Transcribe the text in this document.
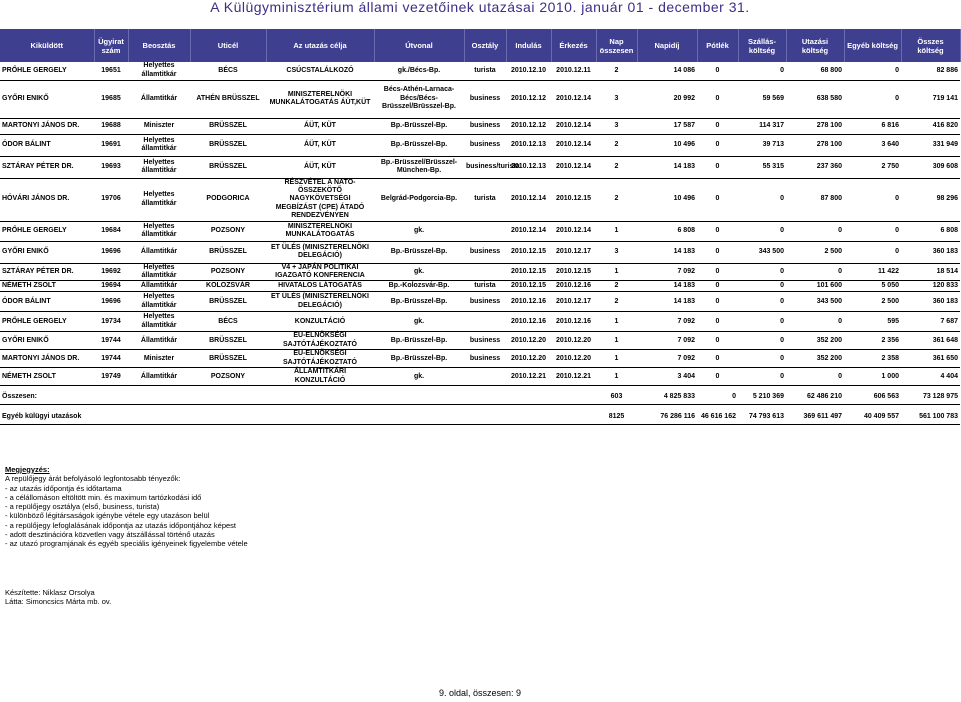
A Külügyminisztérium állami vezetőinek utazásai 2010. január 01 - december 31.
Kiküldött	Ügyirat szám	Beosztás	Uticél	Az utazás célja	Útvonal	Osztály	Indulás	Érkezés	Nap összesen	Napidíj	Pótlék	Szállás-költség	Utazási költség	Egyéb költség	Összes költség
PRŐHLE GERGELY	19651	Helyettes államtitkár	BÉCS	CSÚCSTALÁLKOZÓ	gk./Bécs-Bp.	turista	2010.12.10	2010.12.11	2	14 086	0	0	68 800	0	82 886
GYŐRI ENIKŐ	19685	Államtitkár	ATHÉN BRÜSSZEL	MINISZTERELNÖKI MUNKALÁTOGATÁS ÁÜT,KÜT	Bécs-Athén-Larnaca-Bécs/Bécs-Brüsszel/Brüsszel-Bp.	business	2010.12.12	2010.12.14	3	20 992	0	59 569	638 580	0	719 141
MARTONYI JÁNOS DR.	19688	Miniszter	BRÜSSZEL	ÁÜT, KÜT	Bp.-Brüsszel-Bp.	business	2010.12.12	2010.12.14	3	17 587	0	114 317	278 100	6 816	416 820
ÓDOR BÁLINT	19691	Helyettes államtitkár	BRÜSSZEL	ÁÜT, KÜT	Bp.-Brüsszel-Bp.	business	2010.12.13	2010.12.14	2	10 496	0	39 713	278 100	3 640	331 949
SZTÁRAY PÉTER DR.	19693	Helyettes államtitkár	BRÜSSZEL	ÁÜT, KÜT	Bp.-Brüsszel/Brüsszel-München-Bp.	business/turista	2010.12.13	2010.12.14	2	14 183	0	55 315	237 360	2 750	309 608
HÓVÁRI JÁNOS DR.	19706	Helyettes államtitkár	PODGORICA	RÉSZVÉTEL A NATO-ÖSSZEKÖTŐ NAGYKÖVETSÉGI MEGBÍZÁST (CPE) ÁTADÓ RENDEZVÉNYEN	Belgrád-Podgorcia-Bp.	turista	2010.12.14	2010.12.15	2	10 496	0	0	87 800	0	98 296
PRŐHLE GERGELY	19684	Helyettes államtitkár	POZSONY	MINISZTERELNÖKI MUNKALÁTOGATÁS	gk.		2010.12.14	2010.12.14	1	6 808	0	0	0	0	6 808
GYŐRI ENIKŐ	19696	Államtitkár	BRÜSSZEL	ET ÜLÉS (MINISZTERELNÖKI DELEGÁCIÓ)	Bp.-Brüsszel-Bp.	business	2010.12.15	2010.12.17	3	14 183	0	343 500	2 500	0	360 183
SZTÁRAY PÉTER DR.	19692	Helyettes államtitkár	POZSONY	V4 + JAPÁN POLITIKAI IGAZGATÓ KONFERENCIA	gk.		2010.12.15	2010.12.15	1	7 092	0	0	0	11 422	18 514
NÉMETH ZSOLT	19694	Államtitkár	KOLOZSVÁR	HIVATALOS LÁTOGATÁS	Bp.-Kolozsvár-Bp.	turista	2010.12.15	2010.12.16	2	14 183	0	0	101 600	5 050	120 833
ÓDOR BÁLINT	19696	Helyettes államtitkár	BRÜSSZEL	ET ÜLÉS (MINISZTERELNÖKI DELEGÁCIÓ)	Bp.-Brüsszel-Bp.	business	2010.12.16	2010.12.17	2	14 183	0	0	343 500	2 500	360 183
PRŐHLE GERGELY	19734	Helyettes államtitkár	BÉCS	KONZULTÁCIÓ	gk.		2010.12.16	2010.12.16	1	7 092	0	0	0	595	7 687
GYŐRI ENIKŐ	19744	Államtitkár	BRÜSSZEL	EU-ELNÖKSÉGI SAJTÓTÁJÉKOZTATÓ	Bp.-Brüsszel-Bp.	business	2010.12.20	2010.12.20	1	7 092	0	0	352 200	2 356	361 648
MARTONYI JÁNOS DR.	19744	Miniszter	BRÜSSZEL	EU-ELNÖKSÉGI SAJTÓTÁJÉKOZTATÓ	Bp.-Brüsszel-Bp.	business	2010.12.20	2010.12.20	1	7 092	0	0	352 200	2 358	361 650
NÉMETH ZSOLT	19749	Államtitkár	POZSONY	ÁLLAMTITKÁRI KONZULTÁCIÓ	gk.		2010.12.21	2010.12.21	1	3 404	0	0	0	1 000	4 404

Összesen:									603	4 825 833	0	5 210 369	62 486 210	606 563	73 128 975

Egyéb külügyi utazások									8125	76 286 116	46 616 162	74 793 613	369 611 497	40 409 557	561 100 783
Megjegyzés:
A repülőjegy árát befolyásoló legfontosabb tényezők:
- az utazás időpontja és időtartama
- a célállomáson eltöltött min. és maximum tartózkodási idő
- a repülőjegy osztálya (első, business, turista)
- különböző légitársaságok igénybe vétele egy utazáson belül
- a repülőjegy lefoglalásának időpontja az utazás időpontjához képest
- adott desztinációra közvetlen vagy átszállással történő utazás
- az utazó programjának és egyéb speciális igényeinek figyelembe vétele
Készítette: Niklasz Orsolya
Látta: Simoncsics Márta mb. ov.
9. oldal, összesen: 9
